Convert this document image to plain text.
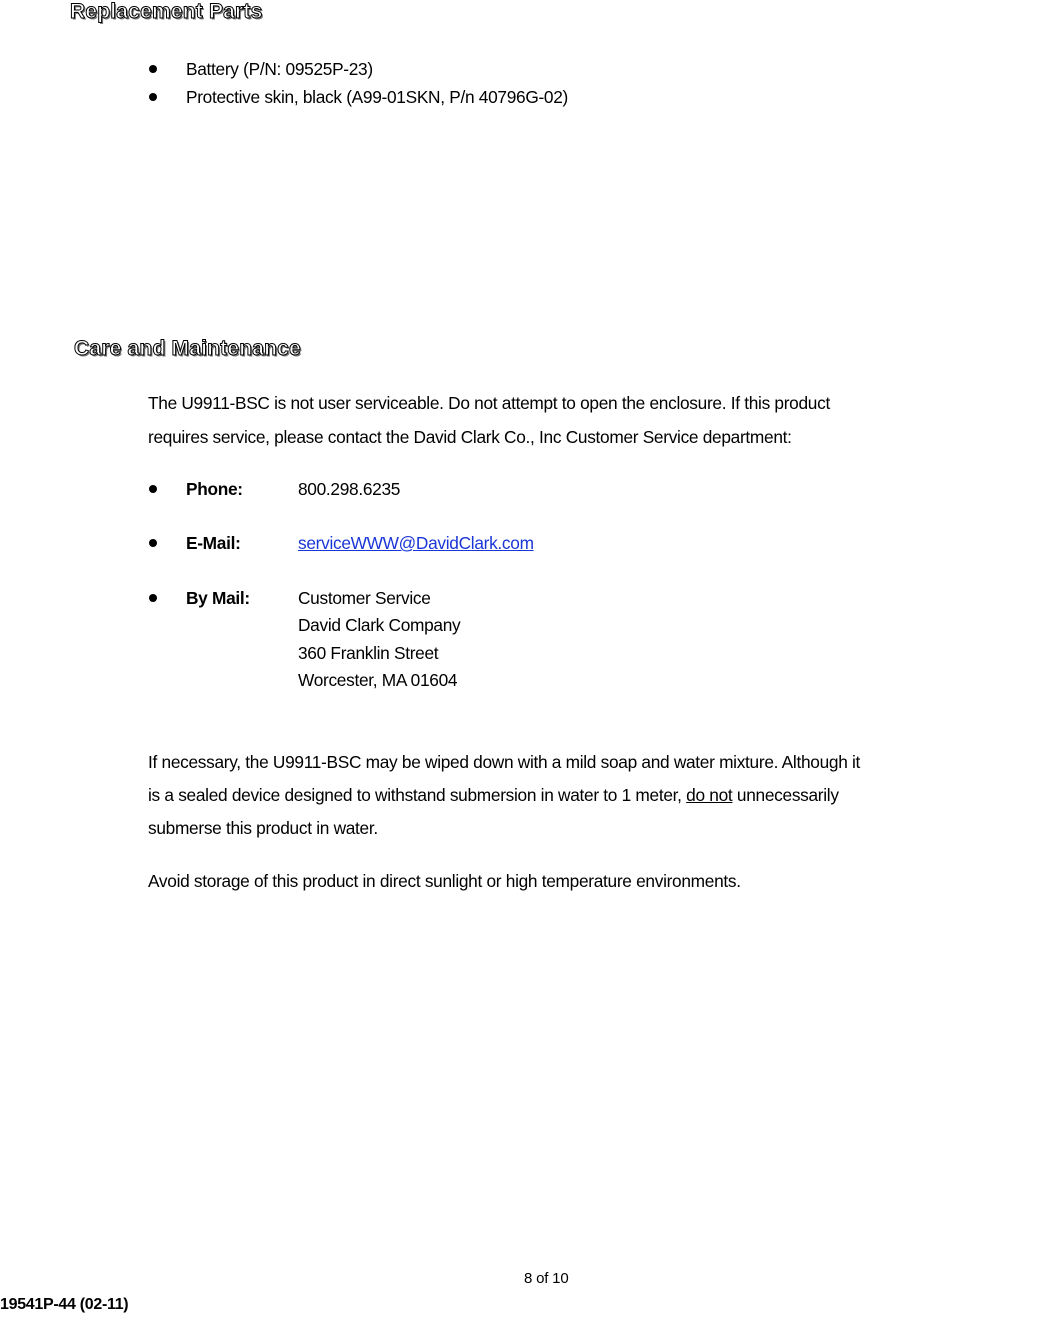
Replacement Parts

Battery (P/N: 09525P-23)

Protective skin, black (A99-01SKN, P/n 40796G-02)

Care and Maintenance

The U9911-BSC is not user serviceable. Do not attempt to open the enclosure. If this product

requires service, please contact the David Clark Co., Inc Customer Service department:

Phone:	800.298.6235

E-Mail:	serviceWWW@DavidClark.com

By Mail:	Customer Service

David Clark Company

360 Franklin Street

Worcester, MA 01604

If necessary, the U9911-BSC may be wiped down with a mild soap and water mixture. Although it

is a sealed device designed to withstand submersion in water to 1 meter, do not unnecessarily

submerse this product in water.

Avoid storage of this product in direct sunlight or high temperature environments.

8 of 10

19541P-44 (02-11)
